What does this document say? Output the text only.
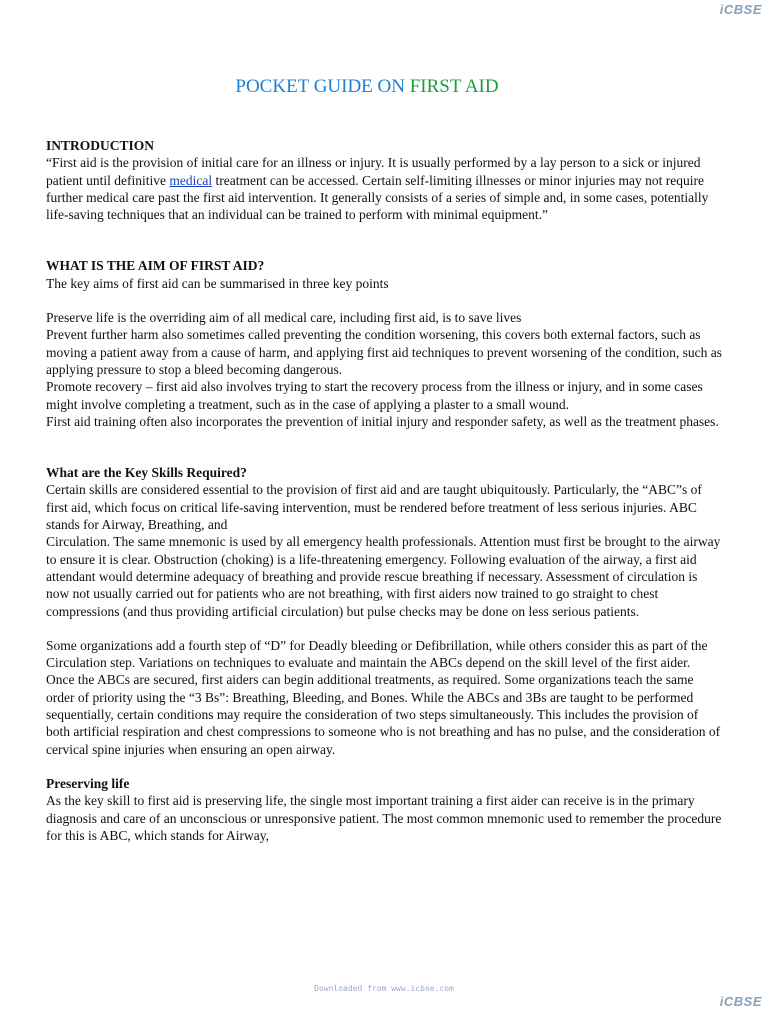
iCBSE
POCKET GUIDE ON FIRST AID

INTRODUCTION

“First aid is the provision of initial care for an illness or injury. It is usually performed by a lay person to a sick or injured patient until definitive medical treatment can be accessed. Certain self-limiting illnesses or minor injuries may not require further medical care past the first aid intervention. It generally consists of a series of simple and, in some cases, potentially life-saving techniques that an individual can be trained to perform with minimal equipment.”

WHAT IS THE AIM OF FIRST AID?

The key aims of first aid can be summarised in three key points

Preserve life is the overriding aim of all medical care, including first aid, is to save lives

Prevent further harm also sometimes called preventing the condition worsening, this covers both external factors, such as moving a patient away from a cause of harm, and applying first aid techniques to prevent worsening of the condition, such as applying pressure to stop a bleed becoming dangerous.

Promote recovery – first aid also involves trying to start the recovery process from the illness or injury, and in some cases might involve completing a treatment, such as in the case of applying a plaster to a small wound.

First aid training often also incorporates the prevention of initial injury and responder safety, as well as the treatment phases.

What are the Key Skills Required?

Certain skills are considered essential to the provision of first aid and are taught ubiquitously. Particularly, the “ABC”s of first aid, which focus on critical life-saving intervention, must be rendered before treatment of less serious injuries. ABC stands for Airway, Breathing, and

Circulation. The same mnemonic is used by all emergency health professionals. Attention must first be brought to the airway to ensure it is clear. Obstruction (choking) is a life-threatening emergency. Following evaluation of the airway, a first aid attendant would determine adequacy of breathing and provide rescue breathing if necessary. Assessment of circulation is now not usually carried out for patients who are not breathing, with first aiders now trained to go straight to chest compressions (and thus providing artificial circulation) but pulse checks may be done on less serious patients.

Some organizations add a fourth step of “D” for Deadly bleeding or Defibrillation, while others consider this as part of the Circulation step. Variations on techniques to evaluate and maintain the ABCs depend on the skill level of the first aider. Once the ABCs are secured, first aiders can begin additional treatments, as required. Some organizations teach the same order of priority using the “3 Bs”: Breathing, Bleeding, and Bones. While the ABCs and 3Bs are taught to be performed sequentially, certain conditions may require the consideration of two steps simultaneously. This includes the provision of both artificial respiration and chest compressions to someone who is not breathing and has no pulse, and the consideration of cervical spine injuries when ensuring an open airway.

Preserving life

As the key skill to first aid is preserving life, the single most important training a first aider can receive is in the primary diagnosis and care of an unconscious or unresponsive patient. The most common mnemonic used to remember the procedure for this is ABC, which stands for Airway,

Downloaded from www.icbse.com
iCBSE
